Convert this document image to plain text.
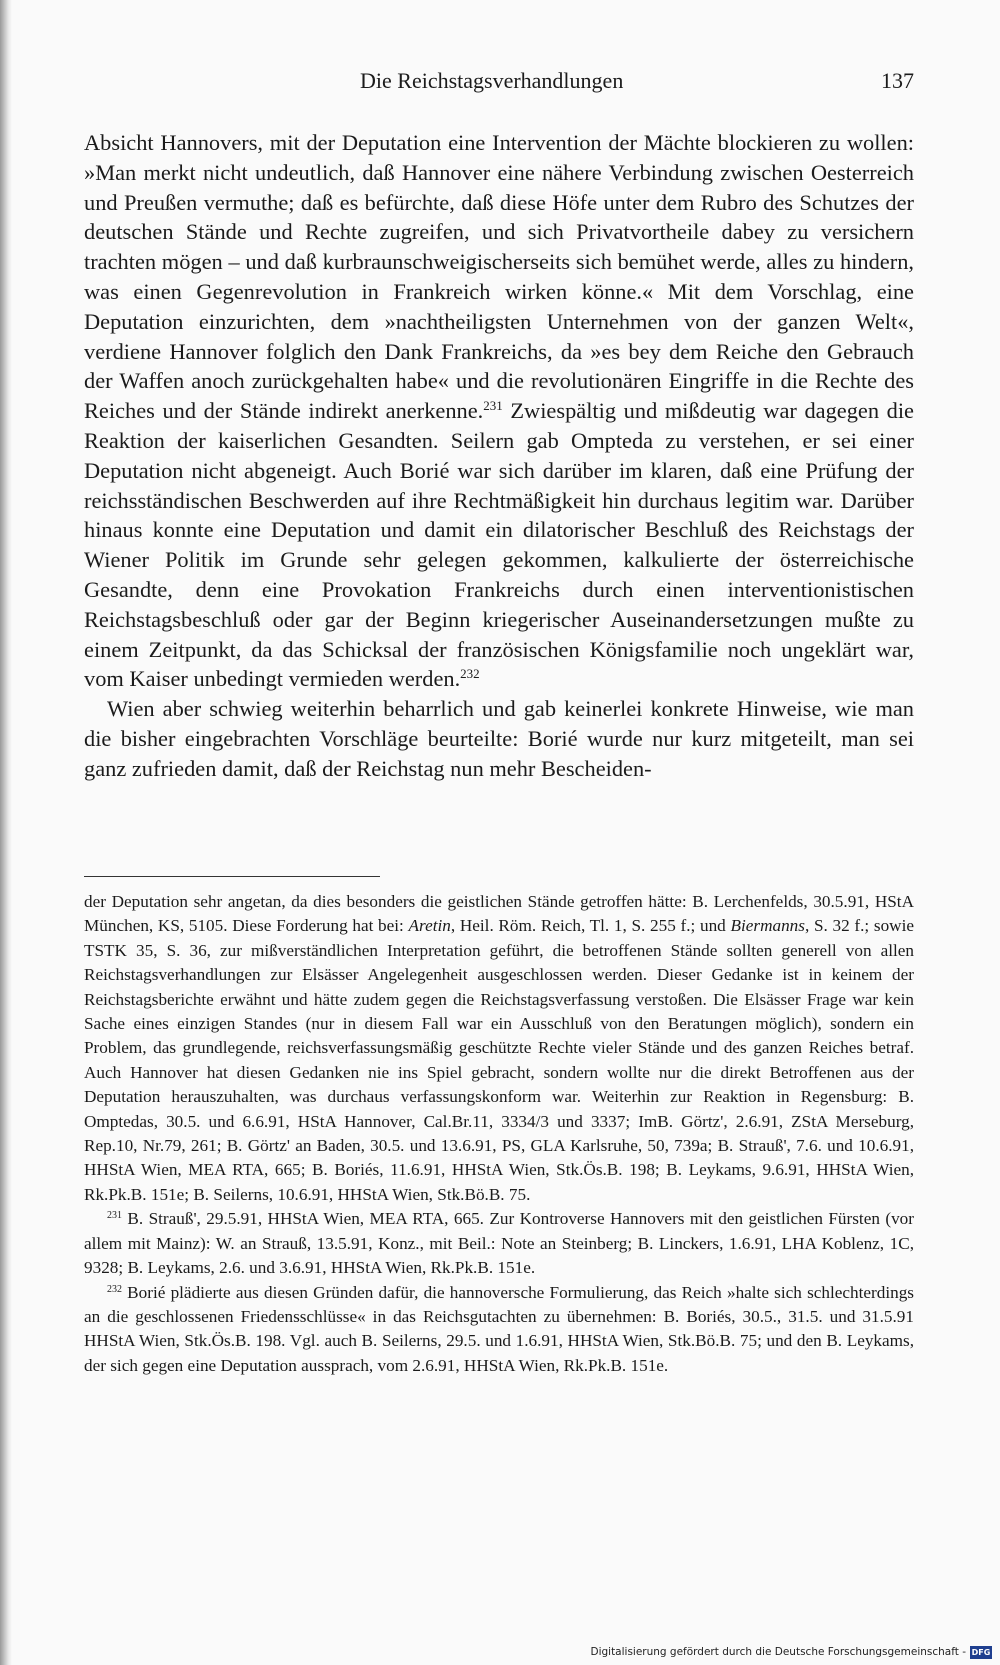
Die Reichstagsverhandlungen	137

Absicht Hannovers, mit der Deputation eine Intervention der Mächte blockieren zu wollen: »Man merkt nicht undeutlich, daß Hannover eine nähere Verbindung zwischen Oesterreich und Preußen vermuthe; daß es befürchte, daß diese Höfe unter dem Rubro des Schutzes der deutschen Stände und Rechte zugreifen, und sich Privatvortheile dabey zu versichern trachten mögen – und daß kurbraunschweigischerseits sich bemühet werde, alles zu hindern, was einen Gegenrevolution in Frankreich wirken könne.« Mit dem Vorschlag, eine Deputation einzurichten, dem »nachtheiligsten Unternehmen von der ganzen Welt«, verdiene Hannover folglich den Dank Frankreichs, da »es bey dem Reiche den Gebrauch der Waffen anoch zurückgehalten habe« und die revolutionären Eingriffe in die Rechte des Reiches und der Stände indirekt anerkenne.$^{231}$ Zwiespältig und mißdeutig war dagegen die Reaktion der kaiserlichen Gesandten. Seilern gab Ompteda zu verstehen, er sei einer Deputation nicht abgeneigt. Auch Borié war sich darüber im klaren, daß eine Prüfung der reichsständischen Beschwerden auf ihre Rechtmäßigkeit hin durchaus legitim war. Darüber hinaus konnte eine Deputation und damit ein dilatorischer Beschluß des Reichstags der Wiener Politik im Grunde sehr gelegen gekommen, kalkulierte der österreichische Gesandte, denn eine Provokation Frankreichs durch einen interventionistischen Reichstagsbeschluß oder gar der Beginn kriegerischer Auseinandersetzungen mußte zu einem Zeitpunkt, da das Schicksal der französischen Königsfamilie noch ungeklärt war, vom Kaiser unbedingt vermieden werden.$^{232}$

Wien aber schwieg weiterhin beharrlich und gab keinerlei konkrete Hinweise, wie man die bisher eingebrachten Vorschläge beurteilte: Borié wurde nur kurz mitgeteilt, man sei ganz zufrieden damit, daß der Reichstag nun mehr Bescheiden-

der Deputation sehr angetan, da dies besonders die geistlichen Stände getroffen hätte: B. Lerchenfelds, 30.5.91, HStA München, KS, 5105. Diese Forderung hat bei: Aretin, Heil. Röm. Reich, Tl. 1, S. 255 f.; und Biermanns, S. 32 f.; sowie TSTK 35, S. 36, zur mißverständlichen Interpretation geführt, die betroffenen Stände sollten generell von allen Reichstagsverhandlungen zur Elsässer Angelegenheit ausgeschlossen werden. Dieser Gedanke ist in keinem der Reichstagsberichte erwähnt und hätte zudem gegen die Reichstagsverfassung verstoßen. Die Elsässer Frage war kein Sache eines einzigen Standes (nur in diesem Fall war ein Ausschluß von den Beratungen möglich), sondern ein Problem, das grundlegende, reichsverfassungsmäßig geschützte Rechte vieler Stände und des ganzen Reiches betraf. Auch Hannover hat diesen Gedanken nie ins Spiel gebracht, sondern wollte nur die direkt Betroffenen aus der Deputation herauszuhalten, was durchaus verfassungskonform war. Weiterhin zur Reaktion in Regensburg: B. Omptedas, 30.5. und 6.6.91, HStA Hannover, Cal.Br.11, 3334/3 und 3337; ImB. Görtz', 2.6.91, ZStA Merseburg, Rep.10, Nr.79, 261; B. Görtz' an Baden, 30.5. und 13.6.91, PS, GLA Karlsruhe, 50, 739a; B. Strauß', 7.6. und 10.6.91, HHStA Wien, MEA RTA, 665; B. Boriés, 11.6.91, HHStA Wien, Stk.Ös.B. 198; B. Leykams, 9.6.91, HHStA Wien, Rk.Pk.B. 151e; B. Seilerns, 10.6.91, HHStA Wien, Stk.Bö.B. 75.

$^{231}$ B. Strauß', 29.5.91, HHStA Wien, MEA RTA, 665. Zur Kontroverse Hannovers mit den geistlichen Fürsten (vor allem mit Mainz): W. an Strauß, 13.5.91, Konz., mit Beil.: Note an Steinberg; B. Linckers, 1.6.91, LHA Koblenz, 1C, 9328; B. Leykams, 2.6. und 3.6.91, HHStA Wien, Rk.Pk.B. 151e.

$^{232}$ Borié plädierte aus diesen Gründen dafür, die hannoversche Formulierung, das Reich »halte sich schlechterdings an die geschlossenen Friedensschlüsse« in das Reichsgutachten zu übernehmen: B. Boriés, 30.5., 31.5. und 31.5.91 HHStA Wien, Stk.Ös.B. 198. Vgl. auch B. Seilerns, 29.5. und 1.6.91, HHStA Wien, Stk.Bö.B. 75; und den B. Leykams, der sich gegen eine Deputation aussprach, vom 2.6.91, HHStA Wien, Rk.Pk.B. 151e.

Digitalisierung gefördert durch die Deutsche Forschungsgemeinschaft - DFG
